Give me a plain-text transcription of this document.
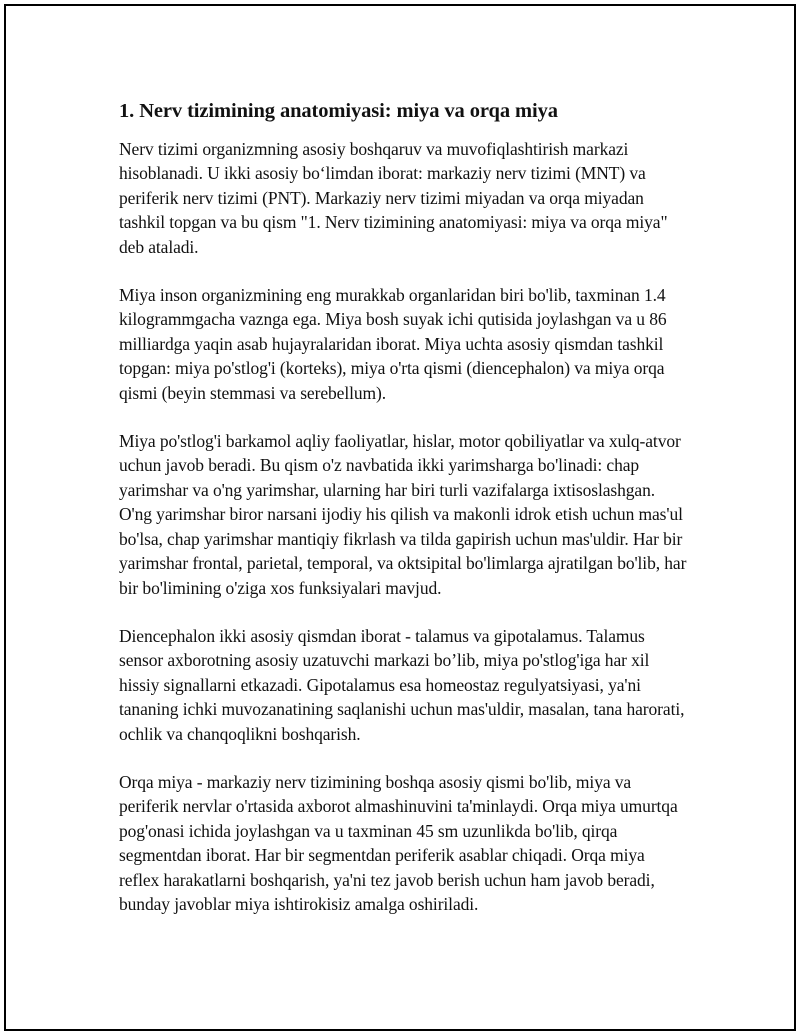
1. Nerv tizimining anatomiyasi: miya va orqa miya

Nerv tizimi organizmning asosiy boshqaruv va muvofiqlashtirish markazi hisoblanadi. U ikki asosiy bo‘limdan iborat: markaziy nerv tizimi (MNT) va periferik nerv tizimi (PNT). Markaziy nerv tizimi miyadan va orqa miyadan tashkil topgan va bu qism "1. Nerv tizimining anatomiyasi: miya va orqa miya" deb ataladi.

Miya inson organizmining eng murakkab organlaridan biri bo'lib, taxminan 1.4 kilogrammgacha vaznga ega. Miya bosh suyak ichi qutisida joylashgan va u 86 milliardga yaqin asab hujayralaridan iborat. Miya uchta asosiy qismdan tashkil topgan: miya po'stlog'i (korteks), miya o'rta qismi (diencephalon) va miya orqa qismi (beyin stemmasi va serebellum).

Miya po'stlog'i barkamol aqliy faoliyatlar, hislar, motor qobiliyatlar va xulq-atvor uchun javob beradi. Bu qism o'z navbatida ikki yarimsharga bo'linadi: chap yarimshar va o'ng yarimshar, ularning har biri turli vazifalarga ixtisoslashgan. O'ng yarimshar biror narsani ijodiy his qilish va makonli idrok etish uchun mas'ul bo'lsa, chap yarimshar mantiqiy fikrlash va tilda gapirish uchun mas'uldir. Har bir yarimshar frontal, parietal, temporal, va oktsipital bo'limlarga ajratilgan bo'lib, har bir bo'limining o'ziga xos funksiyalari mavjud.

Diencephalon ikki asosiy qismdan iborat - talamus va gipotalamus. Talamus sensor axborotning asosiy uzatuvchi markazi bo’lib, miya po'stlog'iga har xil hissiy signallarni etkazadi. Gipotalamus esa homeostaz regulyatsiyasi, ya'ni tananing ichki muvozanatining saqlanishi uchun mas'uldir, masalan, tana harorati, ochlik va chanqoqlikni boshqarish.

Orqa miya - markaziy nerv tizimining boshqa asosiy qismi bo'lib, miya va periferik nervlar o'rtasida axborot almashinuvini ta'minlaydi. Orqa miya umurtqa pog'onasi ichida joylashgan va u taxminan 45 sm uzunlikda bo'lib, qirqa segmentdan iborat. Har bir segmentdan periferik asablar chiqadi. Orqa miya reflex harakatlarni boshqarish, ya'ni tez javob berish uchun ham javob beradi, bunday javoblar miya ishtirokisiz amalga oshiriladi.
